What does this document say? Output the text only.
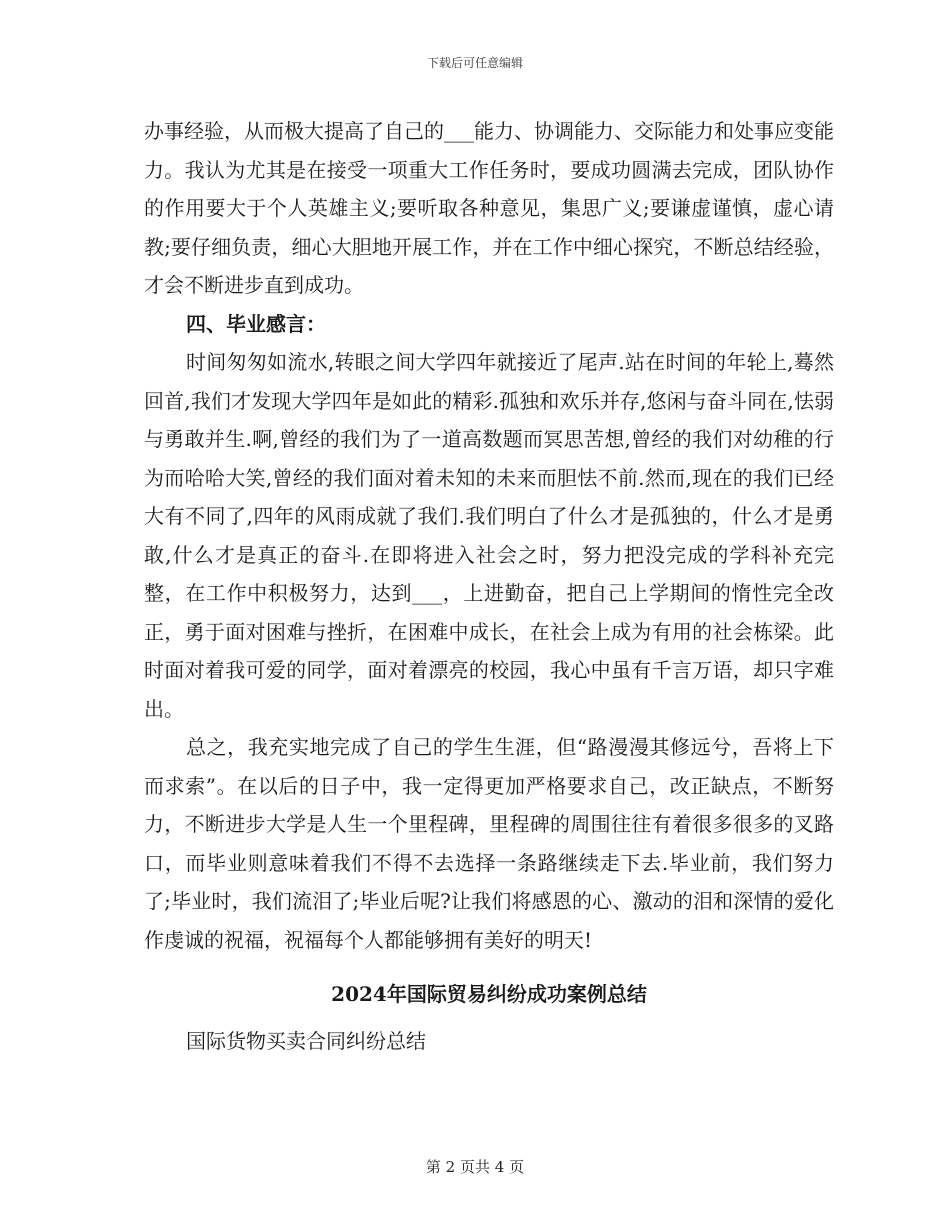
下载后可任意编辑

办事经验，从而极大提高了自己的___能力、协调能力、交际能力和处事应变能力。我认为尤其是在接受一项重大工作任务时，要成功圆满去完成，团队协作的作用要大于个人英雄主义;要听取各种意见，集思广义;要谦虚谨慎，虚心请教;要仔细负责，细心大胆地开展工作，并在工作中细心探究，不断总结经验，才会不断进步直到成功。

四、毕业感言：

时间匆匆如流水,转眼之间大学四年就接近了尾声.站在时间的年轮上,蓦然回首,我们才发现大学四年是如此的精彩.孤独和欢乐并存,悠闲与奋斗同在,怯弱与勇敢并生.啊,曾经的我们为了一道高数题而冥思苦想,曾经的我们对幼稚的行为而哈哈大笑,曾经的我们面对着未知的未来而胆怯不前.然而,现在的我们已经大有不同了,四年的风雨成就了我们.我们明白了什么才是孤独的，什么才是勇敢,什么才是真正的奋斗.在即将进入社会之时，努力把没完成的学科补充完整，在工作中积极努力，达到___，上进勤奋，把自己上学期间的惰性完全改正，勇于面对困难与挫折，在困难中成长，在社会上成为有用的社会栋梁。此时面对着我可爱的同学，面对着漂亮的校园，我心中虽有千言万语，却只字难出。

总之，我充实地完成了自己的学生生涯，但“路漫漫其修远兮，吾将上下而求索”。在以后的日子中，我一定得更加严格要求自己，改正缺点，不断努力，不断进步大学是人生一个里程碑，里程碑的周围往往有着很多很多的叉路口，而毕业则意味着我们不得不去选择一条路继续走下去.毕业前，我们努力了;毕业时，我们流泪了;毕业后呢?让我们将感恩的心、激动的泪和深情的爱化作虔诚的祝福，祝福每个人都能够拥有美好的明天!

2024年国际贸易纠纷成功案例总结

国际货物买卖合同纠纷总结

第 2 页共 4 页
